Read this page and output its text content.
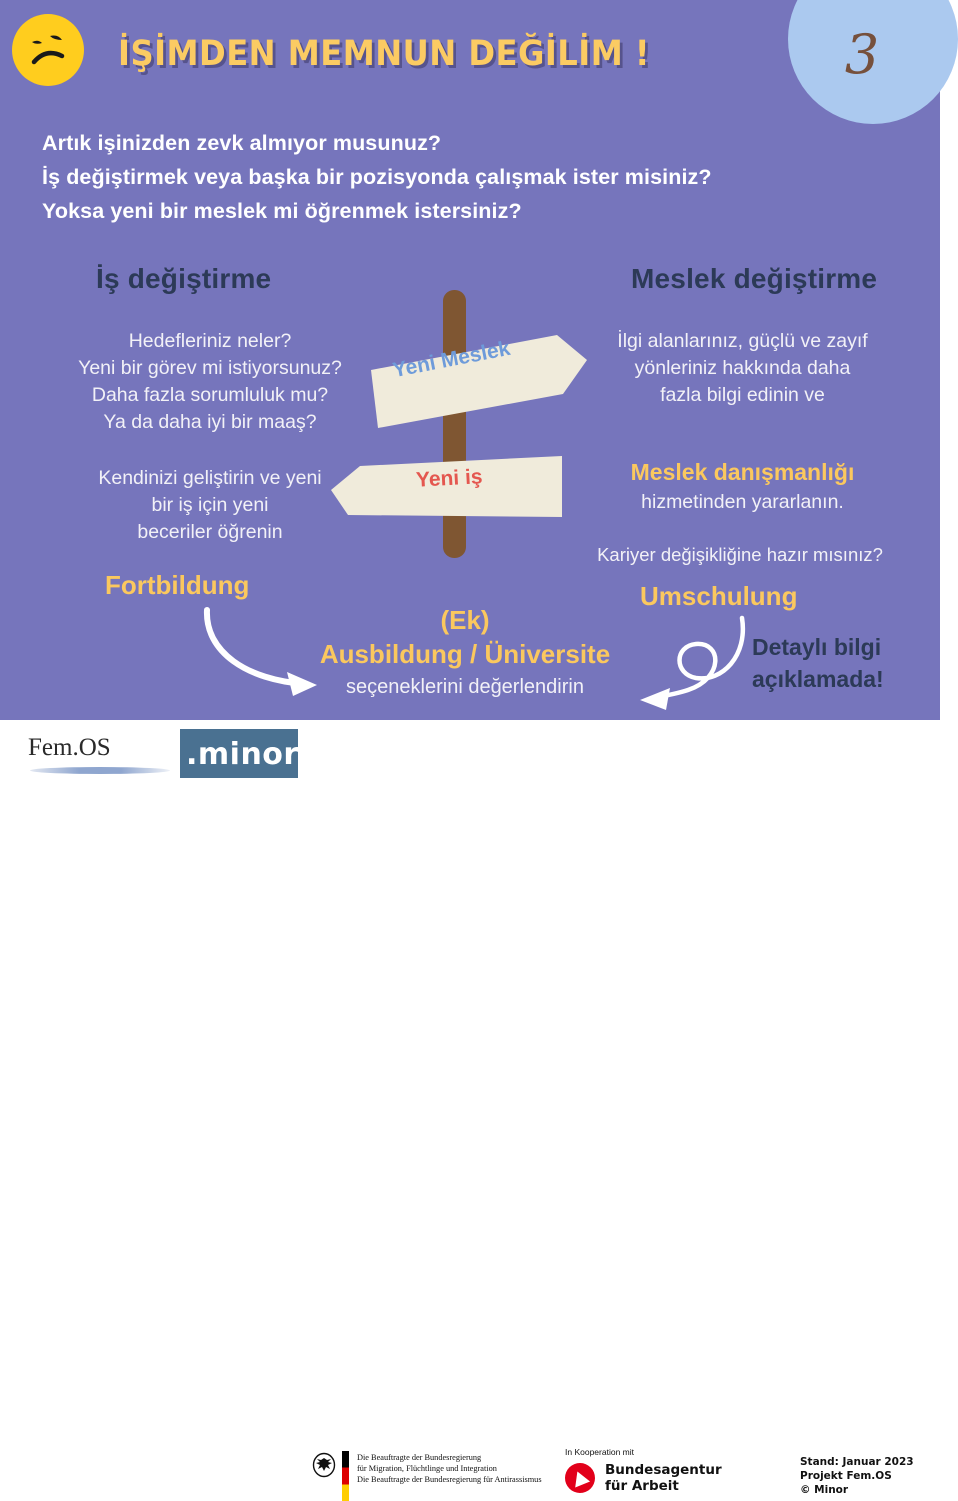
3
İŞİMDEN MEMNUN DEĞİLİM !
Artık işinizden zevk almıyor musunuz?
İş değiştirmek veya başka bir pozisyonda çalışmak ister misiniz?
Yoksa yeni bir meslek mi öğrenmek istersiniz?
İş değiştirme
Hedefleriniz neler?
Yeni bir görev mi istiyorsunuz?
Daha fazla sorumluluk mu?
Ya da daha iyi bir maaş?
Kendinizi geliştirin ve yeni
bir iş için yeni
beceriler öğrenin
Meslek değiştirme
İlgi alanlarınız, güçlü ve zayıf
yönleriniz hakkında daha
fazla bilgi edinin ve
Meslek danışmanlığı
hizmetinden yararlanın.
Kariyer değişikliğine hazır mısınız?
Yeni Meslek
Yeni iş
Fortbildung	Umschulung
(Ek)
Ausbildung / Üniversite
seçeneklerini değerlendirin
Detaylı bilgi
açıklamada!
Fem.OS
Die Beauftragte der Bundesregierung
für Migration, Flüchtlinge und Integration
Die Beauftragte der Bundesregierung für Antirassismus
In Kooperation mit
Bundesagentur
für Arbeit
Stand: Januar 2023
Projekt Fem.OS
© Minor
.minor
